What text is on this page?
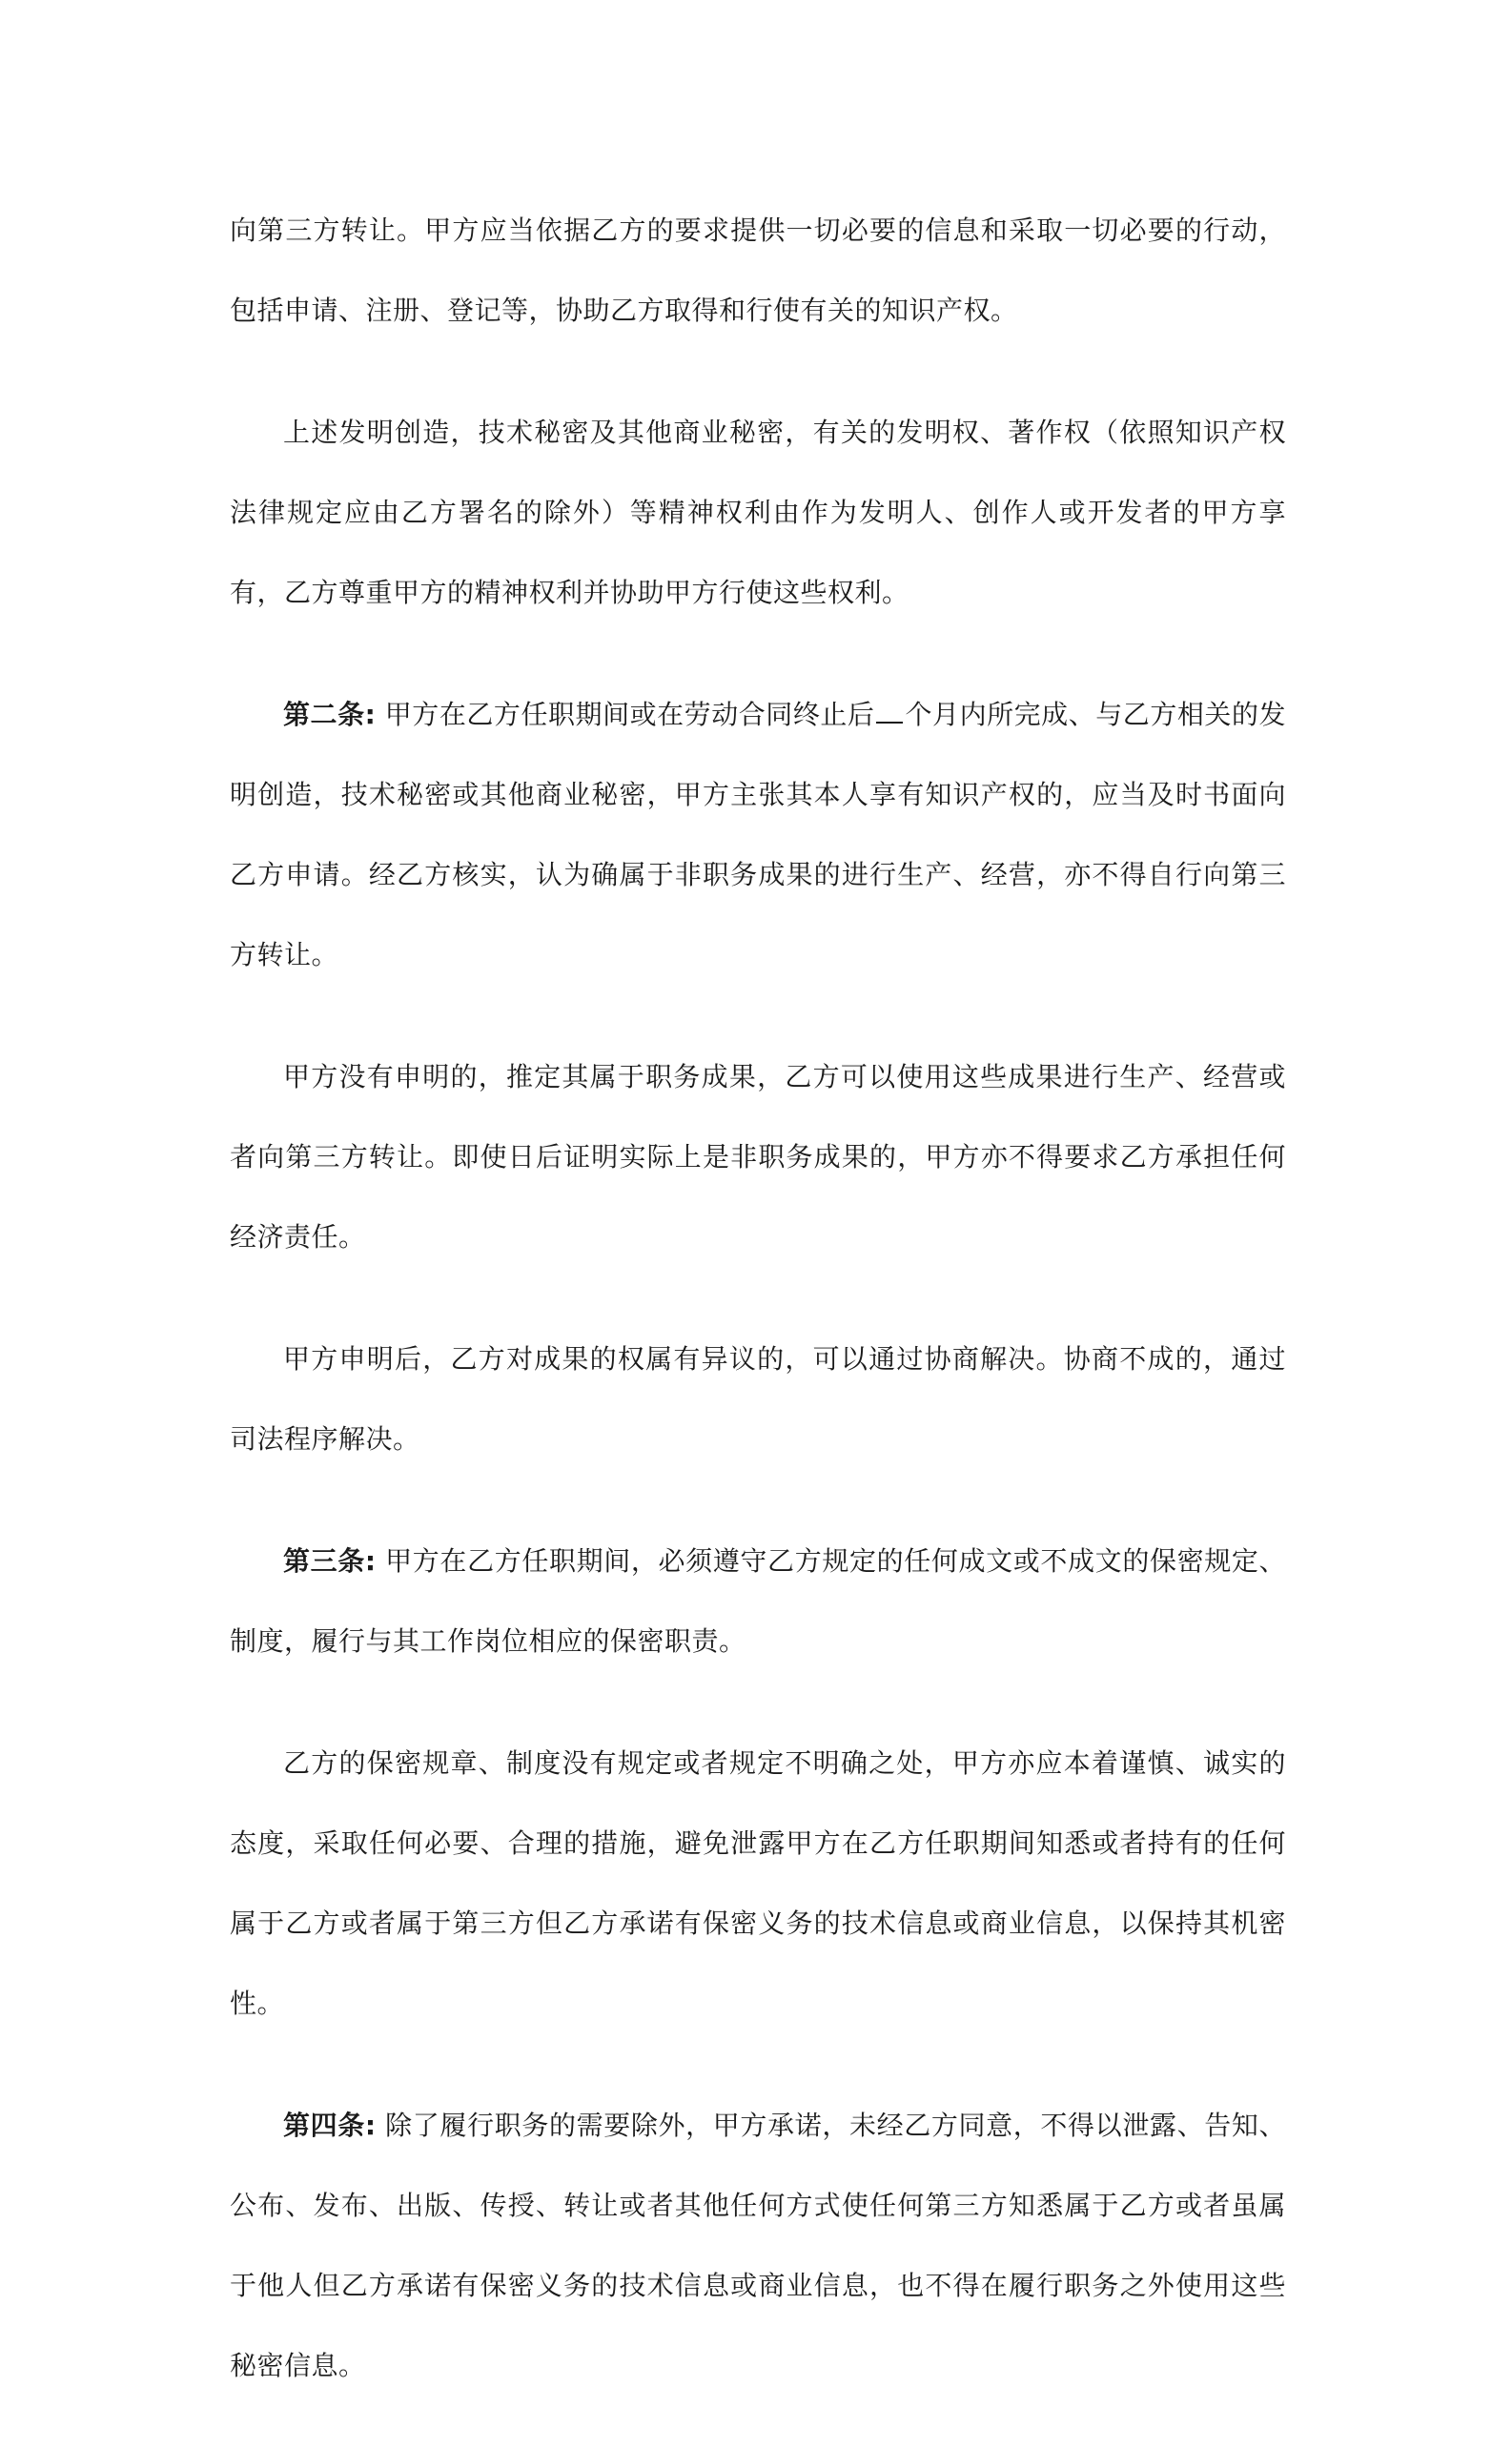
向第三方转让。甲方应当依据乙方的要求提供一切必要的信息和采取一切必要的行动，包括申请、注册、登记等，协助乙方取得和行使有关的知识产权。

上述发明创造，技术秘密及其他商业秘密，有关的发明权、著作权（依照知识产权法律规定应由乙方署名的除外）等精神权利由作为发明人、创作人或开发者的甲方享有，乙方尊重甲方的精神权利并协助甲方行使这些权利。

第二条: 甲方在乙方任职期间或在劳动合同终止后 个月内所完成、与乙方相关的发明创造，技术秘密或其他商业秘密，甲方主张其本人享有知识产权的，应当及时书面向乙方申请。经乙方核实，认为确属于非职务成果的进行生产、经营，亦不得自行向第三方转让。

甲方没有申明的，推定其属于职务成果，乙方可以使用这些成果进行生产、经营或者向第三方转让。即使日后证明实际上是非职务成果的，甲方亦不得要求乙方承担任何经济责任。

甲方申明后，乙方对成果的权属有异议的，可以通过协商解决。协商不成的，通过司法程序解决。

第三条: 甲方在乙方任职期间，必须遵守乙方规定的任何成文或不成文的保密规定、制度，履行与其工作岗位相应的保密职责。

乙方的保密规章、制度没有规定或者规定不明确之处，甲方亦应本着谨慎、诚实的态度，采取任何必要、合理的措施，避免泄露甲方在乙方任职期间知悉或者持有的任何属于乙方或者属于第三方但乙方承诺有保密义务的技术信息或商业信息，以保持其机密性。

第四条: 除了履行职务的需要除外，甲方承诺，未经乙方同意，不得以泄露、告知、公布、发布、出版、传授、转让或者其他任何方式使任何第三方知悉属于乙方或者虽属于他人但乙方承诺有保密义务的技术信息或商业信息，也不得在履行职务之外使用这些秘密信息。
